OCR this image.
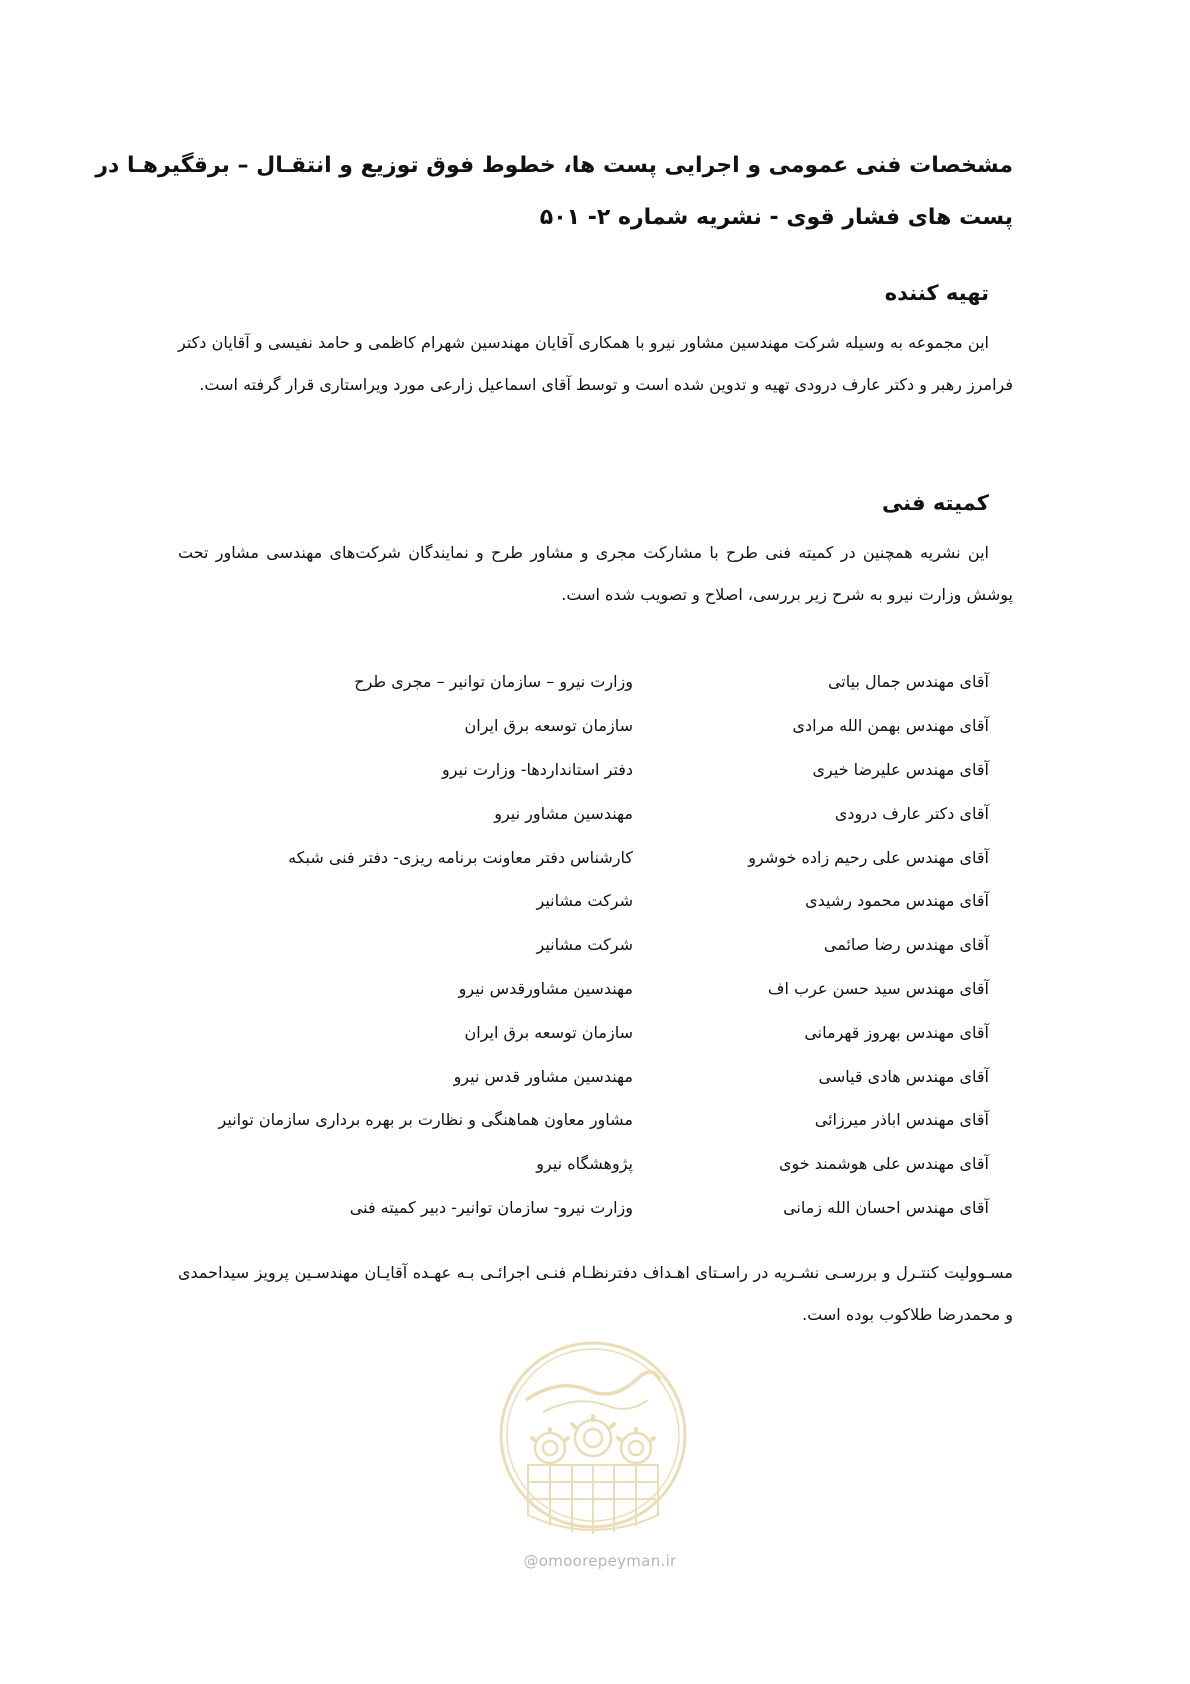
مشخصات فنی عمومی و اجرایی پست ها، خطوط فوق توزیع و انتقـال – برقگیرهـا در
پست های فشار قوی - نشریه شماره ۲- ۵۰۱
تهیه کننده

این مجموعه به وسیله شرکت مهندسین مشاور نیرو با همکاری آقایان مهندسین شهرام کاظمی و حامد نفیسی و آقایان دکتر فرامرز رهبر و دکتر عارف درودی تهیه و تدوین شده است و توسط آقای اسماعیل زارعی مورد ویراستاری قرار گرفته است.

کمیته فنی

این نشریه همچنین در کمیته فنی طرح با مشارکت مجری و مشاور طرح و نمایندگان شرکت‌های مهندسی مشاور تحت پوشش وزارت نیرو به شرح زیر بررسی، اصلاح و تصویب شده است.

آقای مهندس جمال بیاتی
وزارت نیرو – سازمان توانیر – مجری طرح
آقای مهندس بهمن الله مرادی
سازمان توسعه برق ایران
آقای مهندس علیرضا خیری
دفتر استانداردها- وزارت نیرو
آقای دکتر عارف درودی
مهندسین مشاور نیرو
آقای مهندس علی رحیم زاده خوشرو
کارشناس دفتر معاونت برنامه ریزی- دفتر فنی شبکه
آقای مهندس محمود رشیدی
شرکت مشانیر
آقای مهندس رضا صائمی
شرکت مشانیر
آقای مهندس سید حسن عرب اف
مهندسین مشاورقدس نیرو
آقای مهندس بهروز قهرمانی
سازمان توسعه برق ایران
آقای مهندس هادی قیاسی
مهندسین مشاور قدس نیرو
آقای مهندس اباذر میرزائی
مشاور معاون هماهنگی و نظارت بر بهره برداری سازمان توانیر
آقای مهندس علی هوشمند خوی
پژوهشگاه نیرو
آقای مهندس احسان الله زمانی
وزارت نیرو- سازمان توانیر- دبیر کمیته فنی

مسـوولیت کنتـرل و بررسـی نشـریه در راسـتای اهـداف دفترنظـام فنـی اجرائـی بـه عهـده آقایـان مهندسـین پرویز سیداحمدی و محمدرضا طلاکوب بوده است.

@omoorepeyman.ir
